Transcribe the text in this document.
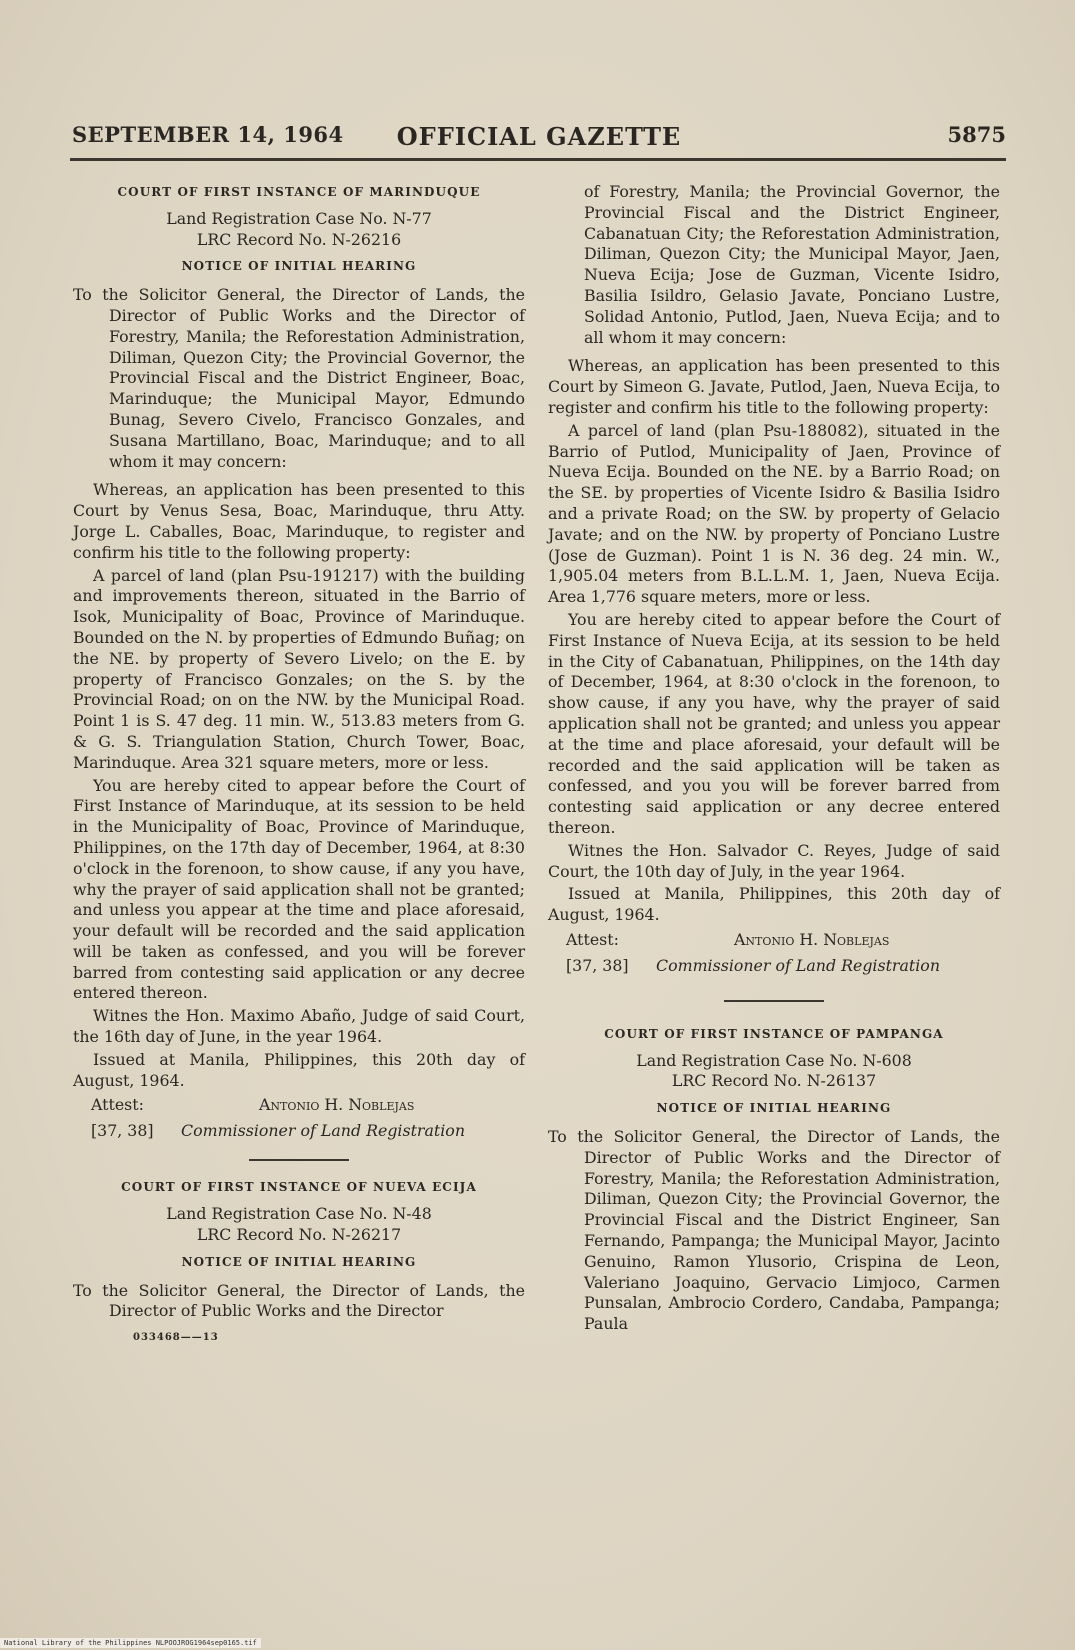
OFFICIAL GAZETTE
SEPTEMBER 14, 1964	5875

COURT OF FIRST INSTANCE OF MARINDUQUE

Land Registration Case No. N-77

LRC Record No. N-26216

NOTICE OF INITIAL HEARING

To the Solicitor General, the Director of Lands, the Director of Public Works and the Director of Forestry, Manila; the Reforestation Administration, Diliman, Quezon City; the Provincial Governor, the Provincial Fiscal and the District Engineer, Boac, Marinduque; the Municipal Mayor, Edmundo Bunag, Severo Civelo, Francisco Gonzales, and Susana Martillano, Boac, Marinduque; and to all whom it may concern:

Whereas, an application has been presented to this Court by Venus Sesa, Boac, Marinduque, thru Atty. Jorge L. Caballes, Boac, Marinduque, to register and confirm his title to the following property:

A parcel of land (plan Psu-191217) with the building and improvements thereon, situated in the Barrio of Isok, Municipality of Boac, Province of Marinduque. Bounded on the N. by properties of Edmundo Buñag; on the NE. by property of Severo Livelo; on the E. by property of Francisco Gonzales; on the S. by the Provincial Road; on on the NW. by the Municipal Road. Point 1 is S. 47 deg. 11 min. W., 513.83 meters from G. & G. S. Triangulation Station, Church Tower, Boac, Marinduque. Area 321 square meters, more or less.

You are hereby cited to appear before the Court of First Instance of Marinduque, at its session to be held in the Municipality of Boac, Province of Marinduque, Philippines, on the 17th day of December, 1964, at 8:30 o'clock in the forenoon, to show cause, if any you have, why the prayer of said application shall not be granted; and unless you appear at the time and place aforesaid, your default will be recorded and the said application will be taken as confessed, and you will be forever barred from contesting said application or any decree entered thereon.

Witnes the Hon. Maximo Abaño, Judge of said Court, the 16th day of June, in the year 1964.

Issued at Manila, Philippines, this 20th day of August, 1964.

Attest:	Antonio H. Noblejas
[37, 38] Commissioner of Land Registration

COURT OF FIRST INSTANCE OF NUEVA ECIJA

Land Registration Case No. N-48

LRC Record No. N-26217

NOTICE OF INITIAL HEARING

To the Solicitor General, the Director of Lands, the Director of Public Works and the Director

033468——13

of Forestry, Manila; the Provincial Governor, the Provincial Fiscal and the District Engineer, Cabanatuan City; the Reforestation Administration, Diliman, Quezon City; the Municipal Mayor, Jaen, Nueva Ecija; Jose de Guzman, Vicente Isidro, Basilia Isildro, Gelasio Javate, Ponciano Lustre, Solidad Antonio, Putlod, Jaen, Nueva Ecija; and to all whom it may concern:

Whereas, an application has been presented to this Court by Simeon G. Javate, Putlod, Jaen, Nueva Ecija, to register and confirm his title to the following property:

A parcel of land (plan Psu-188082), situated in the Barrio of Putlod, Municipality of Jaen, Province of Nueva Ecija. Bounded on the NE. by a Barrio Road; on the SE. by properties of Vicente Isidro & Basilia Isidro and a private Road; on the SW. by property of Gelacio Javate; and on the NW. by property of Ponciano Lustre (Jose de Guzman). Point 1 is N. 36 deg. 24 min. W., 1,905.04 meters from B.L.L.M. 1, Jaen, Nueva Ecija. Area 1,776 square meters, more or less.

You are hereby cited to appear before the Court of First Instance of Nueva Ecija, at its session to be held in the City of Cabanatuan, Philippines, on the 14th day of December, 1964, at 8:30 o'clock in the forenoon, to show cause, if any you have, why the prayer of said application shall not be granted; and unless you appear at the time and place aforesaid, your default will be recorded and the said application will be taken as confessed, and you you will be forever barred from contesting said application or any decree entered thereon.

Witnes the Hon. Salvador C. Reyes, Judge of said Court, the 10th day of July, in the year 1964.

Issued at Manila, Philippines, this 20th day of August, 1964.

Attest:	Antonio H. Noblejas
[37, 38] Commissioner of Land Registration

COURT OF FIRST INSTANCE OF PAMPANGA

Land Registration Case No. N-608

LRC Record No. N-26137

NOTICE OF INITIAL HEARING

To the Solicitor General, the Director of Lands, the Director of Public Works and the Director of Forestry, Manila; the Reforestation Administration, Diliman, Quezon City; the Provincial Governor, the Provincial Fiscal and the District Engineer, San Fernando, Pampanga; the Municipal Mayor, Jacinto Genuino, Ramon Ylusorio, Crispina de Leon, Valeriano Joaquino, Gervacio Limjoco, Carmen Punsalan, Ambrocio Cordero, Candaba, Pampanga; Paula

National Library of the Philippines NLPOOJROG1964sep0165.tif
